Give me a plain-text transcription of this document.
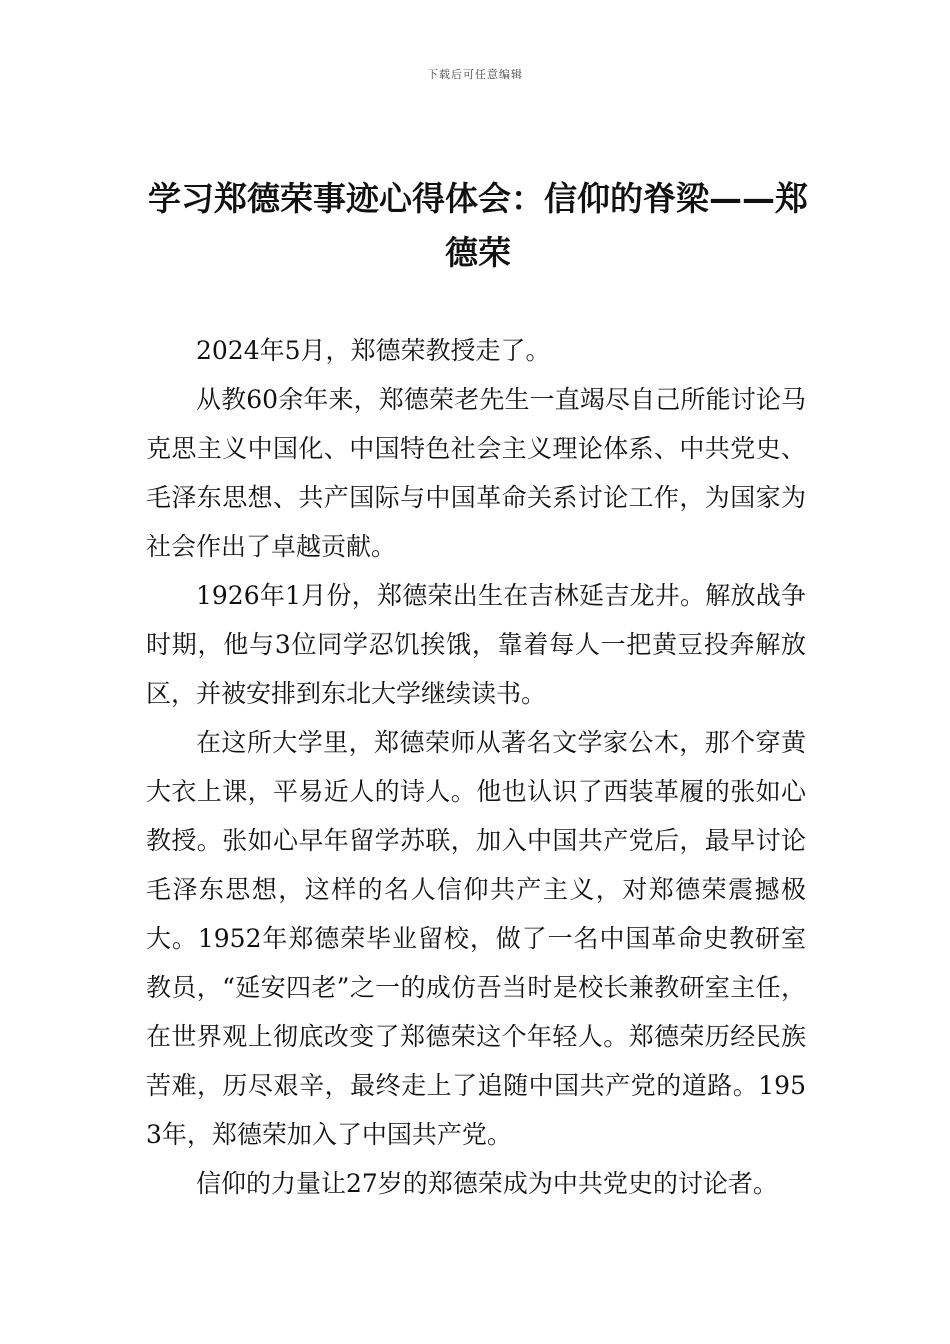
下载后可任意编辑
学习郑德荣事迹心得体会：信仰的脊梁——郑德荣

2024年5月，郑德荣教授走了。

从教60余年来，郑德荣老先生一直竭尽自己所能讨论马克思主义中国化、中国特色社会主义理论体系、中共党史、毛泽东思想、共产国际与中国革命关系讨论工作，为国家为社会作出了卓越贡献。

1926年1月份，郑德荣出生在吉林延吉龙井。解放战争时期，他与3位同学忍饥挨饿，靠着每人一把黄豆投奔解放区，并被安排到东北大学继续读书。

在这所大学里，郑德荣师从著名文学家公木，那个穿黄大衣上课，平易近人的诗人。他也认识了西装革履的张如心教授。张如心早年留学苏联，加入中国共产党后，最早讨论毛泽东思想，这样的名人信仰共产主义，对郑德荣震撼极大。1952年郑德荣毕业留校，做了一名中国革命史教研室教员，“延安四老”之一的成仿吾当时是校长兼教研室主任，在世界观上彻底改变了郑德荣这个年轻人。郑德荣历经民族苦难，历尽艰辛，最终走上了追随中国共产党的道路。1953年，郑德荣加入了中国共产党。

信仰的力量让27岁的郑德荣成为中共党史的讨论者。
